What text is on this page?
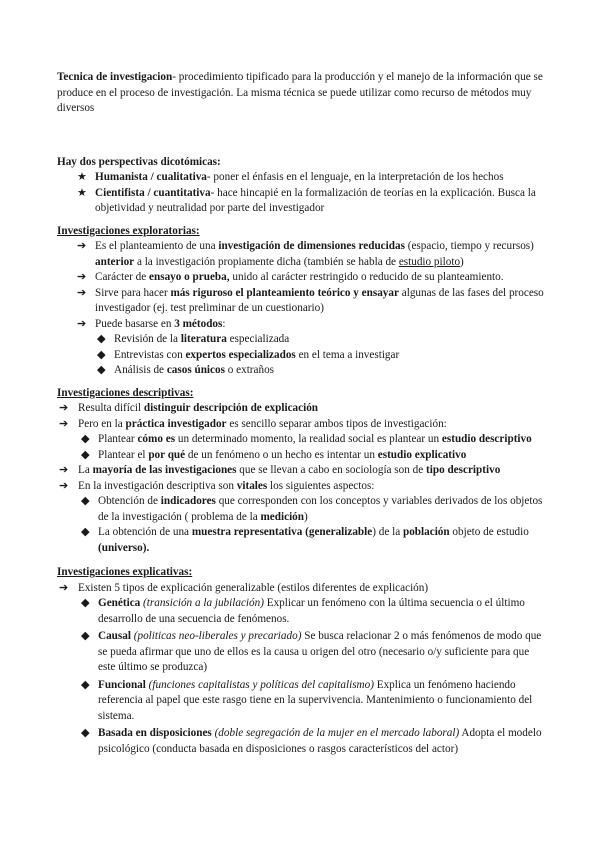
Tecnica de investigacion- procedimiento tipificado para la producción y el manejo de la información que se produce en el proceso de investigación. La misma técnica se puede utilizar como recurso de métodos muy diversos

Hay dos perspectivas dicotómicas:

★ Humanista / cualitativa- poner el énfasis en el lenguaje, en la interpretación de los hechos

★ Cientifista / cuantitativa- hace hincapié en la formalización de teorías en la explicación. Busca la objetividad y neutralidad por parte del investigador

Investigaciones exploratorias:

➔ Es el planteamiento de una investigación de dimensiones reducidas (espacio, tiempo y recursos) anterior a la investigación propiamente dicha (también se habla de estudio piloto)

➔ Carácter de ensayo o prueba, unido al carácter restringido o reducido de su planteamiento.

➔ Sirve para hacer más riguroso el planteamiento teórico y ensayar algunas de las fases del proceso investigador (ej. test preliminar de un cuestionario)

➔ Puede basarse en 3 métodos:

◆ Revisión de la literatura especializada

◆ Entrevistas con expertos especializados en el tema a investigar

◆ Análisis de casos únicos o extraños

Investigaciones descriptivas:

➔ Resulta difícil distinguir descripción de explicación

➔ Pero en la práctica investigador es sencillo separar ambos tipos de investigación:

◆ Plantear cómo es un determinado momento, la realidad social es plantear un estudio descriptivo

◆ Plantear el por qué de un fenómeno o un hecho es intentar un estudio explicativo

➔ La mayoría de las investigaciones que se llevan a cabo en sociología son de tipo descriptivo

➔ En la investigación descriptiva son vitales los siguientes aspectos:

◆ Obtención de indicadores que corresponden con los conceptos y variables derivados de los objetos de la investigación ( problema de la medición)

◆ La obtención de una muestra representativa (generalizable) de la población objeto de estudio (universo).

Investigaciones explicativas:

➔ Existen 5 tipos de explicación generalizable (estilos diferentes de explicación)

◆ Genética (transición a la jubilación) Explicar un fenómeno con la última secuencia o el último desarrollo de una secuencia de fenómenos.

◆ Causal (politicas neo-liberales y precariado) Se busca relacionar 2 o más fenómenos de modo que se pueda afirmar que uno de ellos es la causa u origen del otro (necesario o/y suficiente para que este último se produzca)

◆ Funcional (funciones capitalistas y políticas del capitalismo) Explica un fenómeno haciendo referencia al papel que este rasgo tiene en la supervivencia. Mantenimiento o funcionamiento del sistema.

◆ Basada en disposiciones (doble segregación de la mujer en el mercado laboral) Adopta el modelo psicológico (conducta basada en disposiciones o rasgos característicos del actor)
